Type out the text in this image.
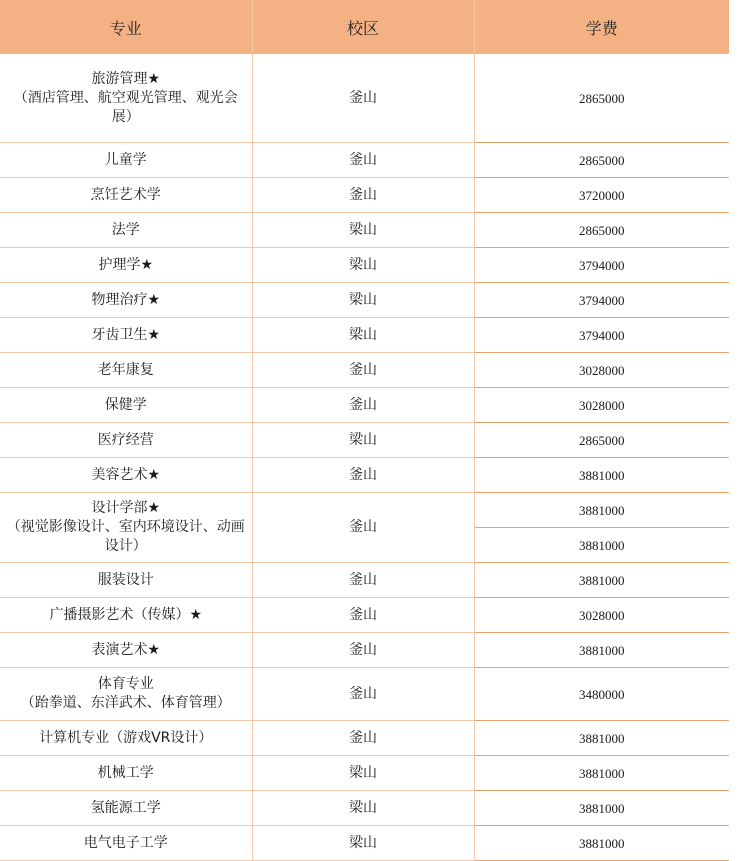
专业	校区	学费
旅游管理★
（酒店管理、航空观光管理、观光会展）	釜山	2865000
儿童学	釜山	2865000
烹饪艺术学	釜山	3720000
法学	梁山	2865000
护理学★	梁山	3794000
物理治疗★	梁山	3794000
牙齿卫生★	梁山	3794000
老年康复	釜山	3028000
保健学	釜山	3028000
医疗经营	梁山	2865000
美容艺术★	釜山	3881000
设计学部★
（视觉影像设计、室内环境设计、动画设计）	釜山	3881000
		3881000
服装设计	釜山	3881000
广播摄影艺术（传媒）★	釜山	3028000
表演艺术★	釜山	3881000
体育专业
（跆拳道、东洋武术、体育管理）	釜山	3480000
计算机专业（游戏VR设计）	釜山	3881000
机械工学	梁山	3881000
氢能源工学	梁山	3881000
电气电子工学	梁山	3881000
